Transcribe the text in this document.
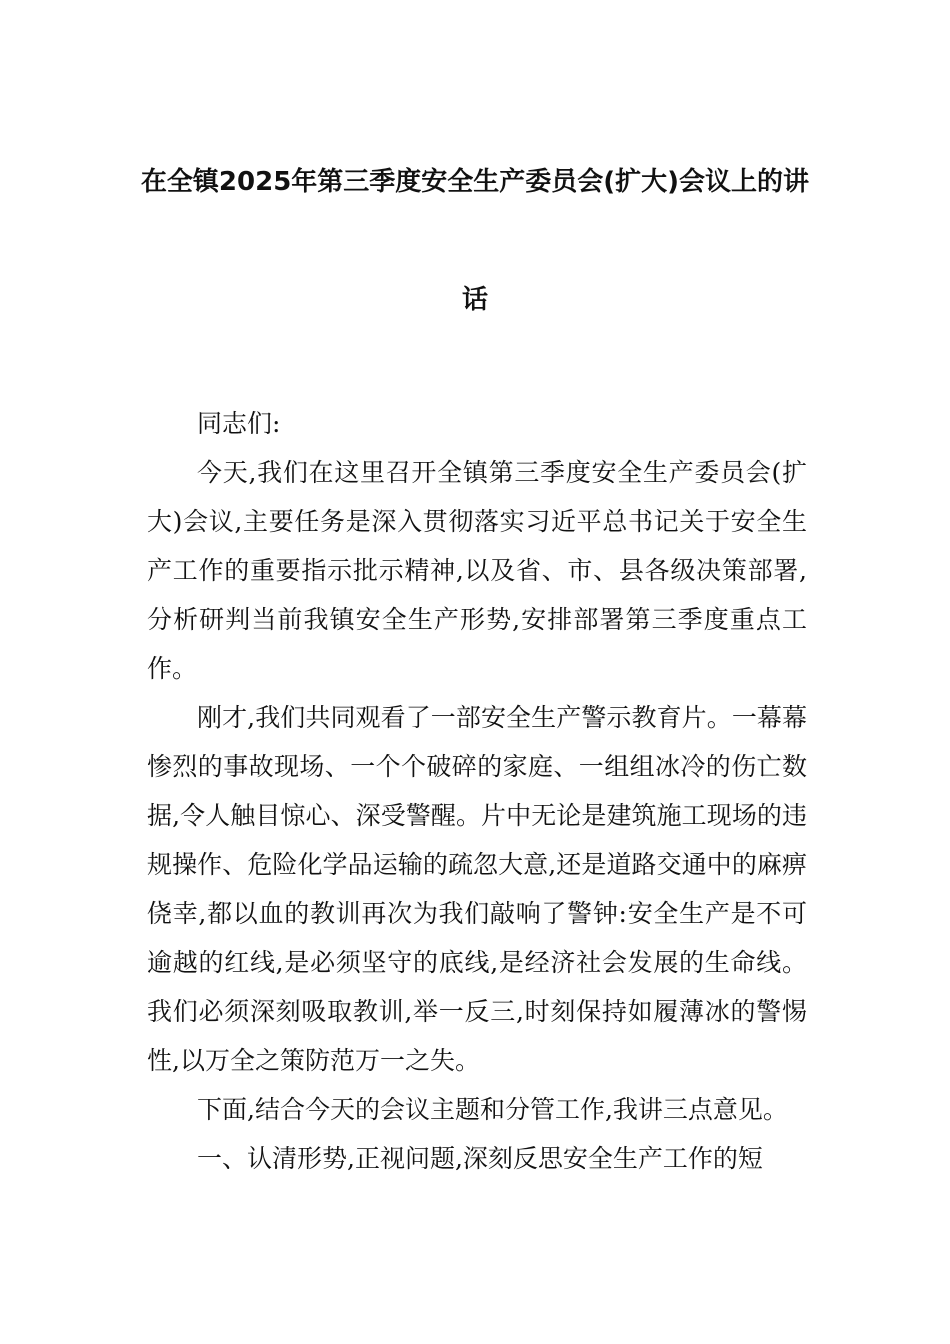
在全镇2025年第三季度安全生产委员会(扩大)会议上的讲
话

同志们:

今天,我们在这里召开全镇第三季度安全生产委员会(扩大)会议,主要任务是深入贯彻落实习近平总书记关于安全生产工作的重要指示批示精神,以及省、市、县各级决策部署,分析研判当前我镇安全生产形势,安排部署第三季度重点工作。

刚才,我们共同观看了一部安全生产警示教育片。一幕幕惨烈的事故现场、一个个破碎的家庭、一组组冰冷的伤亡数据,令人触目惊心、深受警醒。片中无论是建筑施工现场的违规操作、危险化学品运输的疏忽大意,还是道路交通中的麻痹侥幸,都以血的教训再次为我们敲响了警钟:安全生产是不可逾越的红线,是必须坚守的底线,是经济社会发展的生命线。我们必须深刻吸取教训,举一反三,时刻保持如履薄冰的警惕性,以万全之策防范万一之失。

下面,结合今天的会议主题和分管工作,我讲三点意见。

一、认清形势,正视问题,深刻反思安全生产工作的短
